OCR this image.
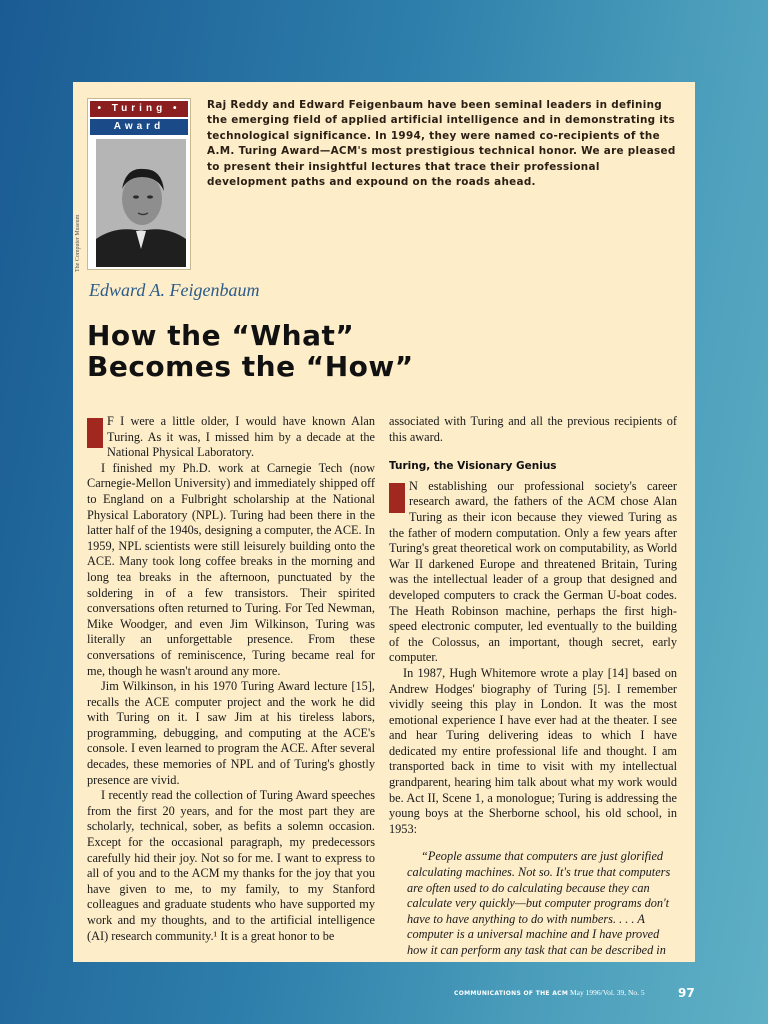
• Turing •
Award
The Computer Museum
Raj Reddy and Edward Feigenbaum have been seminal leaders in defining the emerging field of applied artificial intelligence and in demonstrating its technological significance. In 1994, they were named co-recipients of the A.M. Turing Award—ACM's most prestigious technical honor. We are pleased to present their insightful lectures that trace their professional development paths and expound on the roads ahead.
Edward A. Feigenbaum
How the “What”
Becomes the “How”

F I were a little older, I would have known Alan Turing. As it was, I missed him by a decade at the National Physical Laboratory.

I finished my Ph.D. work at Carnegie Tech (now Carnegie-Mellon University) and immediately shipped off to England on a Fulbright scholarship at the National Physical Laboratory (NPL). Turing had been there in the latter half of the 1940s, designing a computer, the ACE. In 1959, NPL scientists were still leisurely building onto the ACE. Many took long coffee breaks in the morning and long tea breaks in the afternoon, punctuated by the soldering in of a few transistors. Their spirited conversations often returned to Turing. For Ted Newman, Mike Woodger, and even Jim Wilkinson, Turing was literally an unforgettable presence. From these conversations of reminiscence, Turing became real for me, though he wasn't around any more.

Jim Wilkinson, in his 1970 Turing Award lecture [15], recalls the ACE computer project and the work he did with Turing on it. I saw Jim at his tireless labors, programming, debugging, and computing at the ACE's console. I even learned to program the ACE. After several decades, these memories of NPL and of Turing's ghostly presence are vivid.

I recently read the collection of Turing Award speeches from the first 20 years, and for the most part they are scholarly, technical, sober, as befits a solemn occasion. Except for the occasional paragraph, my predecessors carefully hid their joy. Not so for me. I want to express to all of you and to the ACM my thanks for the joy that you have given to me, to my family, to my Stanford colleagues and graduate students who have supported my work and my thoughts, and to the artificial intelligence (AI) research community.¹ It is a great honor to be

associated with Turing and all the previous recipients of this award.

Turing, the Visionary Genius

N establishing our professional society's career research award, the fathers of the ACM chose Alan Turing as their icon because they viewed Turing as the father of modern computation. Only a few years after Turing's great theoretical work on computability, as World War II darkened Europe and threatened Britain, Turing was the intellectual leader of a group that designed and developed computers to crack the German U-boat codes. The Heath Robinson machine, perhaps the first high-speed electronic computer, led eventually to the building of the Colossus, an important, though secret, early computer.

In 1987, Hugh Whitemore wrote a play [14] based on Andrew Hodges' biography of Turing [5]. I remember vividly seeing this play in London. It was the most emotional experience I have ever had at the theater. I see and hear Turing delivering ideas to which I have dedicated my entire professional life and thought. I am transported back in time to visit with my intellectual grandparent, hearing him talk about what my work would be. Act II, Scene 1, a monologue; Turing is addressing the young boys at the Sherborne school, his old school, in 1953:

“People assume that computers are just glorified calculating machines. Not so. It's true that computers are often used to do calculating because they can calculate very quickly—but computer programs don't have to have anything to do with numbers. . . . A computer is a universal machine and I have proved how it can perform any task that can be described in

COMMUNICATIONS OF THE ACM May 1996/Vol. 39, No. 5	97
